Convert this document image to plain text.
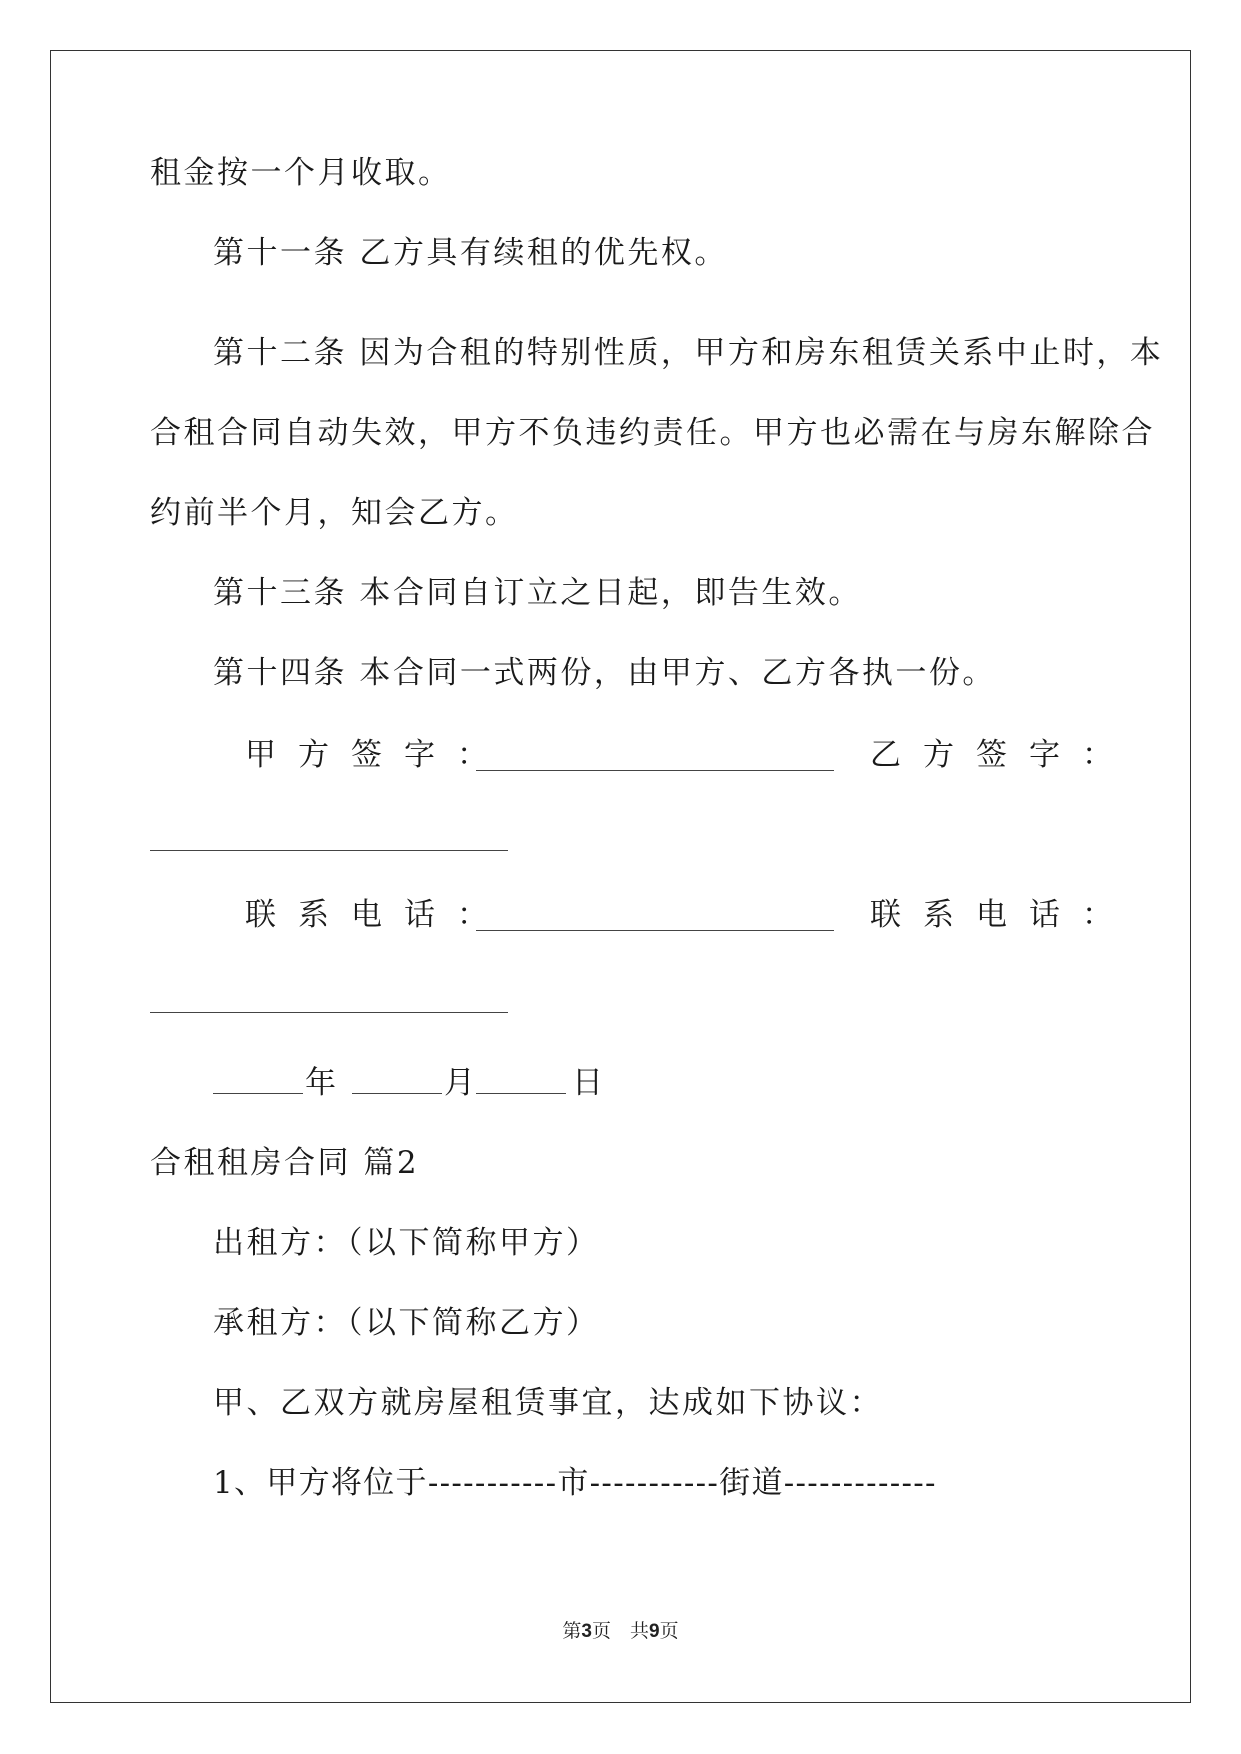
租金按一个月收取。
第十一条 乙方具有续租的优先权。
第十二条 因为合租的特别性质，甲方和房东租赁关系中止时，本
合租合同自动失效，甲方不负违约责任。甲方也必需在与房东解除合
约前半个月，知会乙方。
第十三条 本合同自订立之日起，即告生效。
第十四条 本合同一式两份，由甲方、乙方各执一份。
甲方签字：	乙方签字：
联系电话：	联系电话：
年	月	日
合租租房合同 篇2
出租方：（以下简称甲方）
承租方：（以下简称乙方）
甲、乙双方就房屋租赁事宜，达成如下协议：
1、甲方将位于-----------市-----------街道-------------
第3页　共9页
